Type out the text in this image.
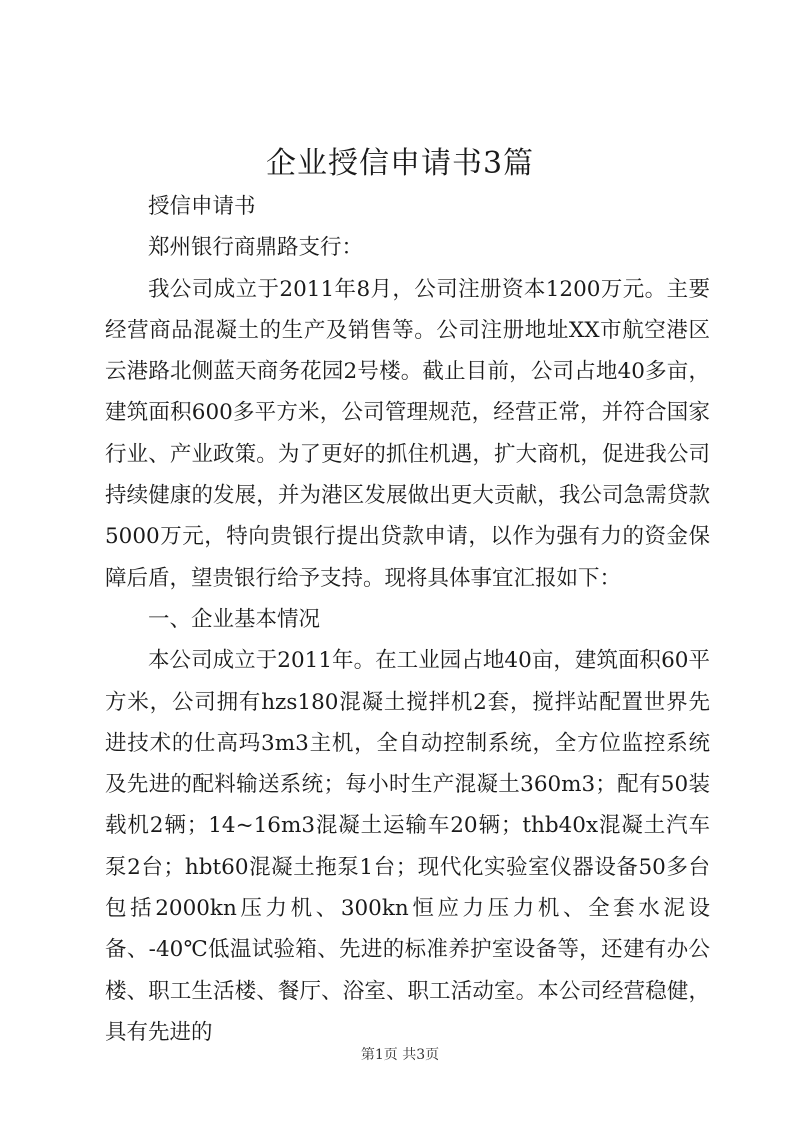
企业授信申请书3篇

授信申请书

郑州银行商鼎路支行：

我公司成立于2011年8月，公司注册资本1200万元。主要经营商品混凝土的生产及销售等。公司注册地址XX市航空港区云港路北侧蓝天商务花园2号楼。截止目前，公司占地40多亩，建筑面积600多平方米，公司管理规范，经营正常，并符合国家行业、产业政策。为了更好的抓住机遇，扩大商机，促进我公司持续健康的发展，并为港区发展做出更大贡献，我公司急需贷款5000万元，特向贵银行提出贷款申请，以作为强有力的资金保障后盾，望贵银行给予支持。现将具体事宜汇报如下：

一、企业基本情况

本公司成立于2011年。在工业园占地40亩，建筑面积60平方米，公司拥有hzs180混凝土搅拌机2套，搅拌站配置世界先进技术的仕高玛3m3主机，全自动控制系统，全方位监控系统及先进的配料输送系统；每小时生产混凝土360m3；配有50装载机2辆；14~16m3混凝土运输车20辆；thb40x混凝土汽车泵2台；hbt60混凝土拖泵1台；现代化实验室仪器设备50多台包括2000kn压力机、300kn恒应力压力机、全套水泥设备、-40℃低温试验箱、先进的标准养护室设备等，还建有办公楼、职工生活楼、餐厅、浴室、职工活动室。本公司经营稳健，具有先进的

第1页 共3页
